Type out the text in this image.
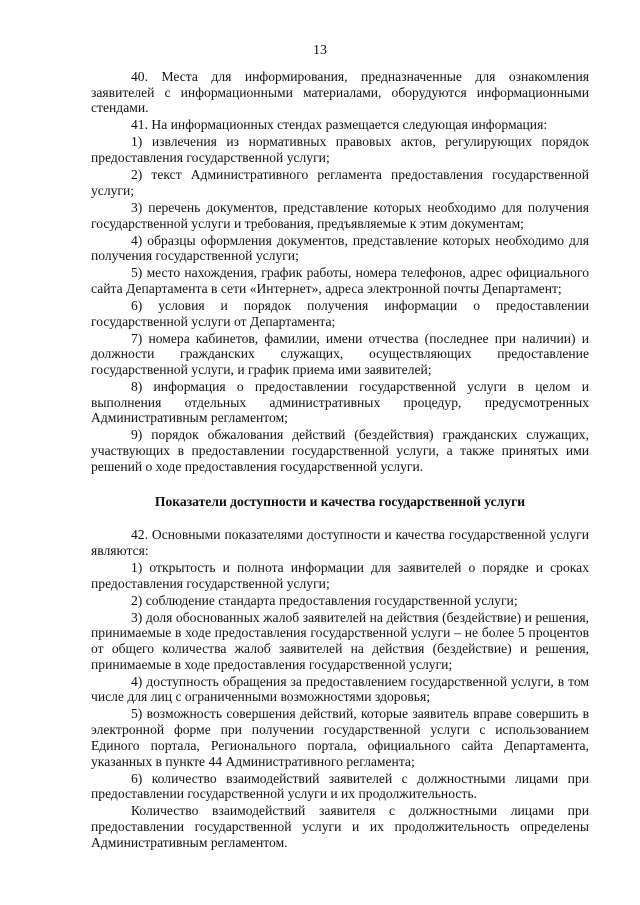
13

40. Места для информирования, предназначенные для ознакомления заявителей с информационными материалами, оборудуются информационными стендами.

41. На информационных стендах размещается следующая информация:

1) извлечения из нормативных правовых актов, регулирующих порядок предоставления государственной услуги;

2) текст Административного регламента предоставления государственной услуги;

3) перечень документов, представление которых необходимо для получения государственной услуги и требования, предъявляемые к этим документам;

4) образцы оформления документов, представление которых необходимо для получения государственной услуги;

5) место нахождения, график работы, номера телефонов, адрес официального сайта Департамента в сети «Интернет», адреса электронной почты Департамент;

6) условия и порядок получения информации о предоставлении государственной услуги от Департамента;

7) номера кабинетов, фамилии, имени отчества (последнее при наличии) и должности гражданских служащих, осуществляющих предоставление государственной услуги, и график приема ими заявителей;

8) информация о предоставлении государственной услуги в целом и выполнения отдельных административных процедур, предусмотренных Административным регламентом;

9) порядок обжалования действий (бездействия) гражданских служащих, участвующих в предоставлении государственной услуги, а также принятых ими решений о ходе предоставления государственной услуги.

Показатели доступности и качества государственной услуги

42. Основными показателями доступности и качества государственной услуги являются:

1) открытость и полнота информации для заявителей о порядке и сроках предоставления государственной услуги;

2) соблюдение стандарта предоставления государственной услуги;

3) доля обоснованных жалоб заявителей на действия (бездействие) и решения, принимаемые в ходе предоставления государственной услуги – не более 5 процентов от общего количества жалоб заявителей на действия (бездействие) и решения, принимаемые в ходе предоставления государственной услуги;

4) доступность обращения за предоставлением государственной услуги, в том числе для лиц с ограниченными возможностями здоровья;

5) возможность совершения действий, которые заявитель вправе совершить в электронной форме при получении государственной услуги с использованием Единого портала, Регионального портала, официального сайта Департамента, указанных в пункте 44 Административного регламента;

6) количество взаимодействий заявителей с должностными лицами при предоставлении государственной услуги и их продолжительность.

Количество взаимодействий заявителя с должностными лицами при предоставлении государственной услуги и их продолжительность определены Административным регламентом.
